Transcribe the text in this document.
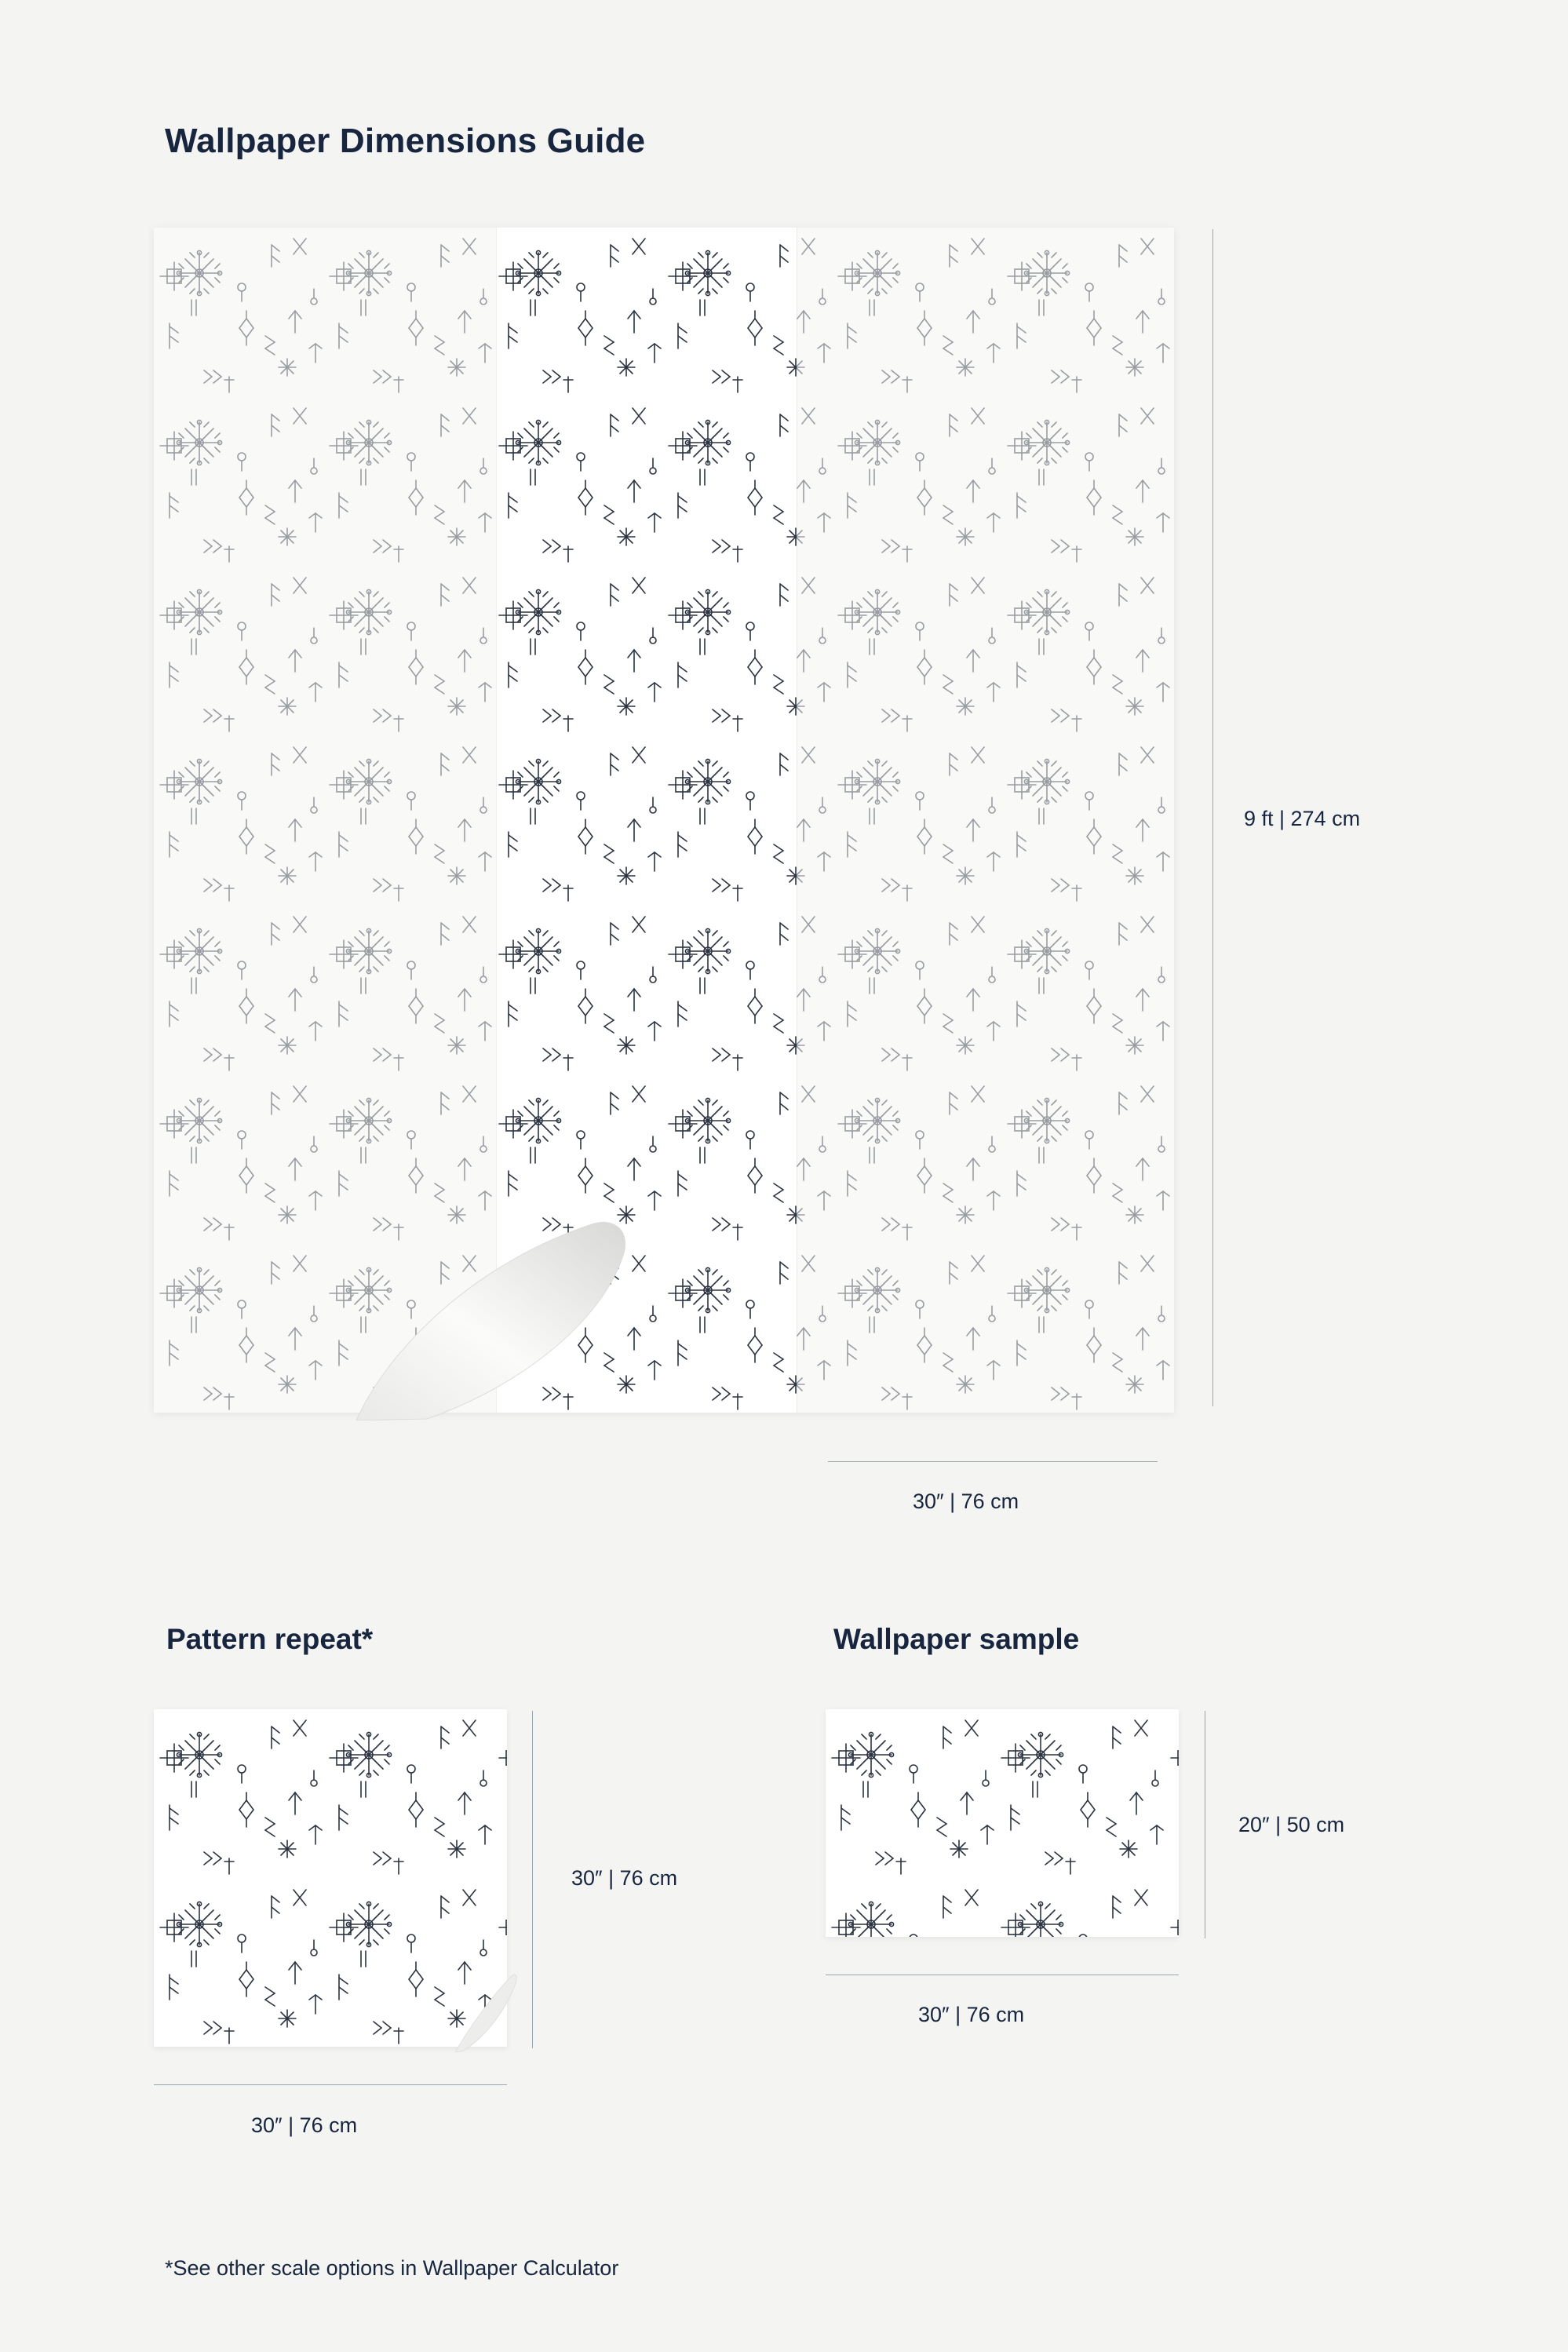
Wallpaper Dimensions Guide
9 ft | 274 cm
30″ | 76 cm
Pattern repeat*
30″ | 76 cm
30″ | 76 cm
Wallpaper sample
20″ | 50 cm
30″ | 76 cm
*See other scale options in Wallpaper Calculator
